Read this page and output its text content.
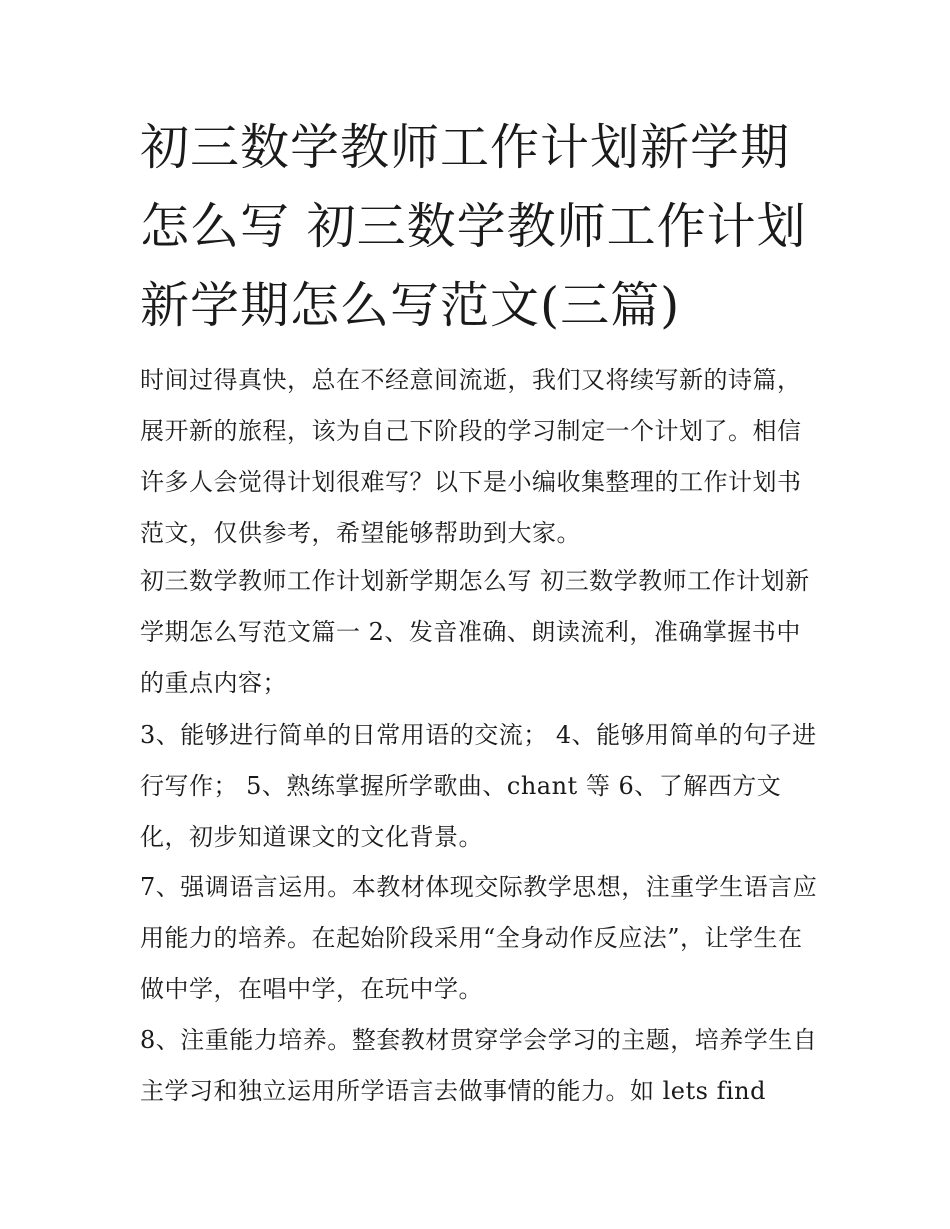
初三数学教师工作计划新学期怎么写 初三数学教师工作计划新学期怎么写范文(三篇)

时间过得真快，总在不经意间流逝，我们又将续写新的诗篇，展开新的旅程，该为自己下阶段的学习制定一个计划了。相信许多人会觉得计划很难写？以下是小编收集整理的工作计划书范文，仅供参考，希望能够帮助到大家。

初三数学教师工作计划新学期怎么写 初三数学教师工作计划新学期怎么写范文篇一 2、发音准确、朗读流利，准确掌握书中的重点内容；

3、能够进行简单的日常用语的交流； 4、能够用简单的句子进行写作； 5、熟练掌握所学歌曲、chant 等 6、了解西方文化，初步知道课文的文化背景。

7、强调语言运用。本教材体现交际教学思想，注重学生语言应用能力的培养。在起始阶段采用“全身动作反应法”，让学生在做中学，在唱中学，在玩中学。

8、注重能力培养。整套教材贯穿学会学习的主题，培养学生自主学习和独立运用所学语言去做事情的能力。如 lets find
